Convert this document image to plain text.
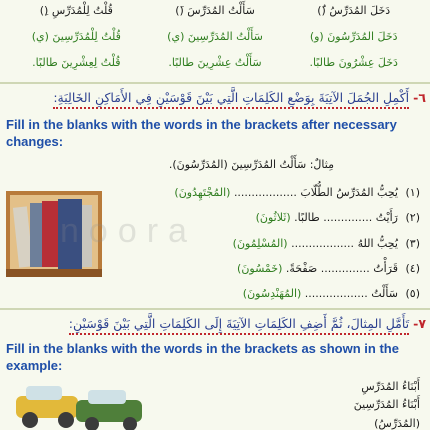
دَخَلَ المُدَرِّسُ (ُ)
سَأَلْتُ المُدَرِّسَ (َ)
قُلْتُ لِلْمُدَرِّسِ (ِ)
دَخَلَ المُدَرِّسُونَ (و)
سَأَلْتُ المُدَرِّسِينَ (ي)
قُلْتُ لِلْمُدَرِّسِينَ (ي)
دَخَلَ عِشْرُونَ طالبًا.
سَأَلْتُ عِشْرِينَ طالبًا.
قُلْتُ لِعِشْرِينَ طالبًا.
٦- أَكْمِلِ الجُمَلَ الآتِيَةَ بِوَضْعِ الكَلِمَاتِ الَّتِي بَيْنَ قَوْسَيْنِ فِي الأَمَاكِنِ الخَالِيَةِ:
Fill in the blanks with the words in the brackets after necessary changes:
مِثالٌ: سَأَلْتُ المُدَرِّسِينَ (المُدَرِّسُونَ).
noora
(١) يُحِبُّ المُدَرِّسُ الطُّلّابَ .................. (المُجْتَهِدُونَ)
(٢) رَأَيْتُ .............. طالبًا. (ثَلاثُونَ)
(٣) يُحِبُّ اللهُ .................. (المُسْلِمُونَ)
(٤) قَرَأْتُ .............. صَفْحَةً. (خَمْسُونَ)
(٥) سَأَلْتُ .................. (المُهَنْدِسُونَ)
٧- تَأَمَّلِ المِثالَ، ثُمَّ أَضِفِ الكَلِمَاتِ الآتِيَةَ إِلَى الكَلِمَاتِ الَّتِي بَيْنَ قَوْسَيْنِ:
Fill in the blanks with the words in the brackets as shown in the example:
أَبْنَاءُ المُدَرِّسِ
أَبْنَاءُ المُدَرِّسِينَ
(المُدَرِّسُ)
